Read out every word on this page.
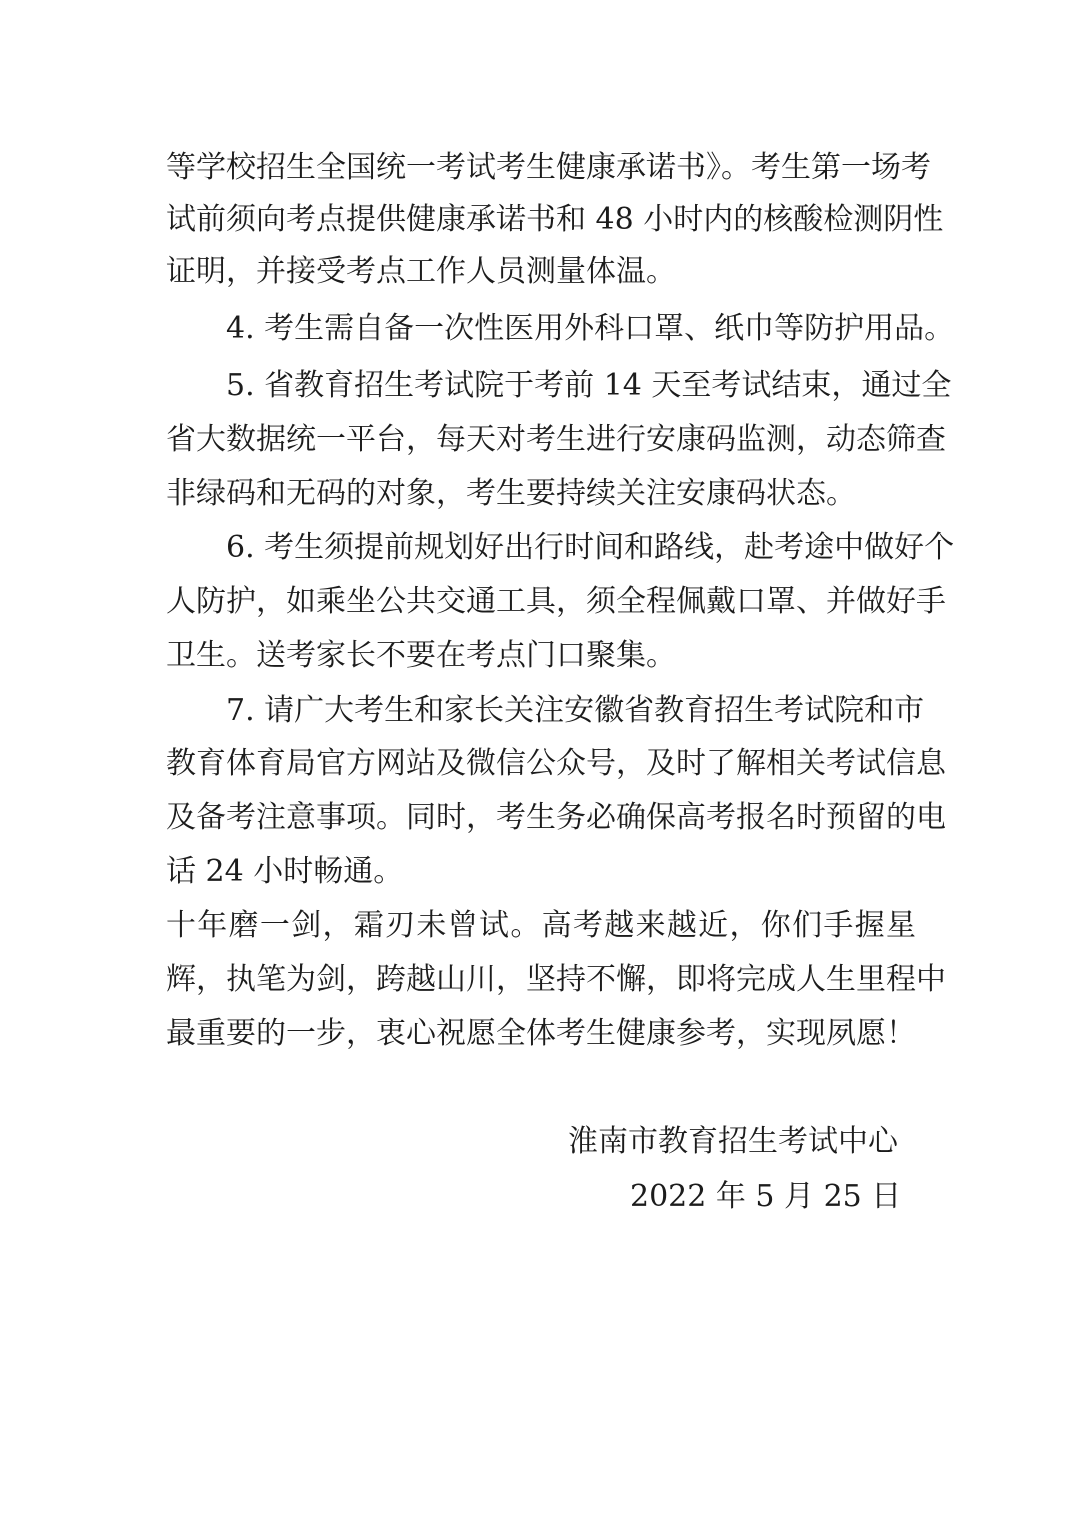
等学校招生全国统一考试考生健康承诺书》。考生第一场考
试前须向考点提供健康承诺书和 48 小时内的核酸检测阴性
证明，并接受考点工作人员测量体温。
4. 考生需自备一次性医用外科口罩、纸巾等防护用品。
5. 省教育招生考试院于考前 14 天至考试结束，通过全
省大数据统一平台，每天对考生进行安康码监测，动态筛查
非绿码和无码的对象，考生要持续关注安康码状态。
6. 考生须提前规划好出行时间和路线，赴考途中做好个
人防护，如乘坐公共交通工具，须全程佩戴口罩、并做好手
卫生。送考家长不要在考点门口聚集。
7. 请广大考生和家长关注安徽省教育招生考试院和市
教育体育局官方网站及微信公众号，及时了解相关考试信息
及备考注意事项。同时，考生务必确保高考报名时预留的电
话 24 小时畅通。
十年磨一剑，霜刃未曾试。高考越来越近，你们手握星
辉，执笔为剑，跨越山川，坚持不懈，即将完成人生里程中
最重要的一步，衷心祝愿全体考生健康参考，实现夙愿！
淮南市教育招生考试中心
2022 年 5 月 25 日
